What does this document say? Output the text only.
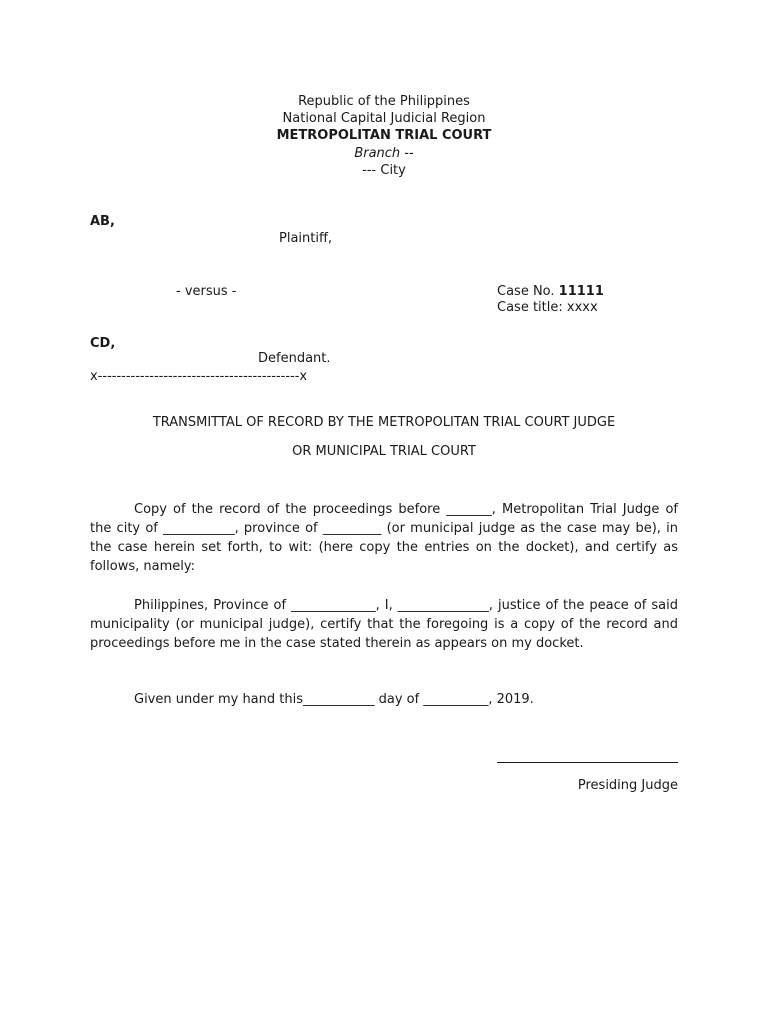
Republic of the Philippines
National Capital Judicial Region
METROPOLITAN TRIAL COURT
Branch --
--- City
AB,
Plaintiff,
- versus -	Case No. 11111
Case title: xxxx
CD,
Defendant.
x-------------------------------------------x
TRANSMITTAL OF RECORD BY THE METROPOLITAN TRIAL COURT JUDGE
OR MUNICIPAL TRIAL COURT
Copy of the record of the proceedings before _______, Metropolitan Trial Judge of the city of ___________, province of _________ (or municipal judge as the case may be), in the case herein set forth, to wit: (here copy the entries on the docket), and certify as follows, namely:
Philippines, Province of _____________, I, ______________, justice of the peace of said municipality (or municipal judge), certify that the foregoing is a copy of the record and proceedings before me in the case stated therein as appears on my docket.
Given under my hand this___________ day of __________, 2019.
Presiding Judge
